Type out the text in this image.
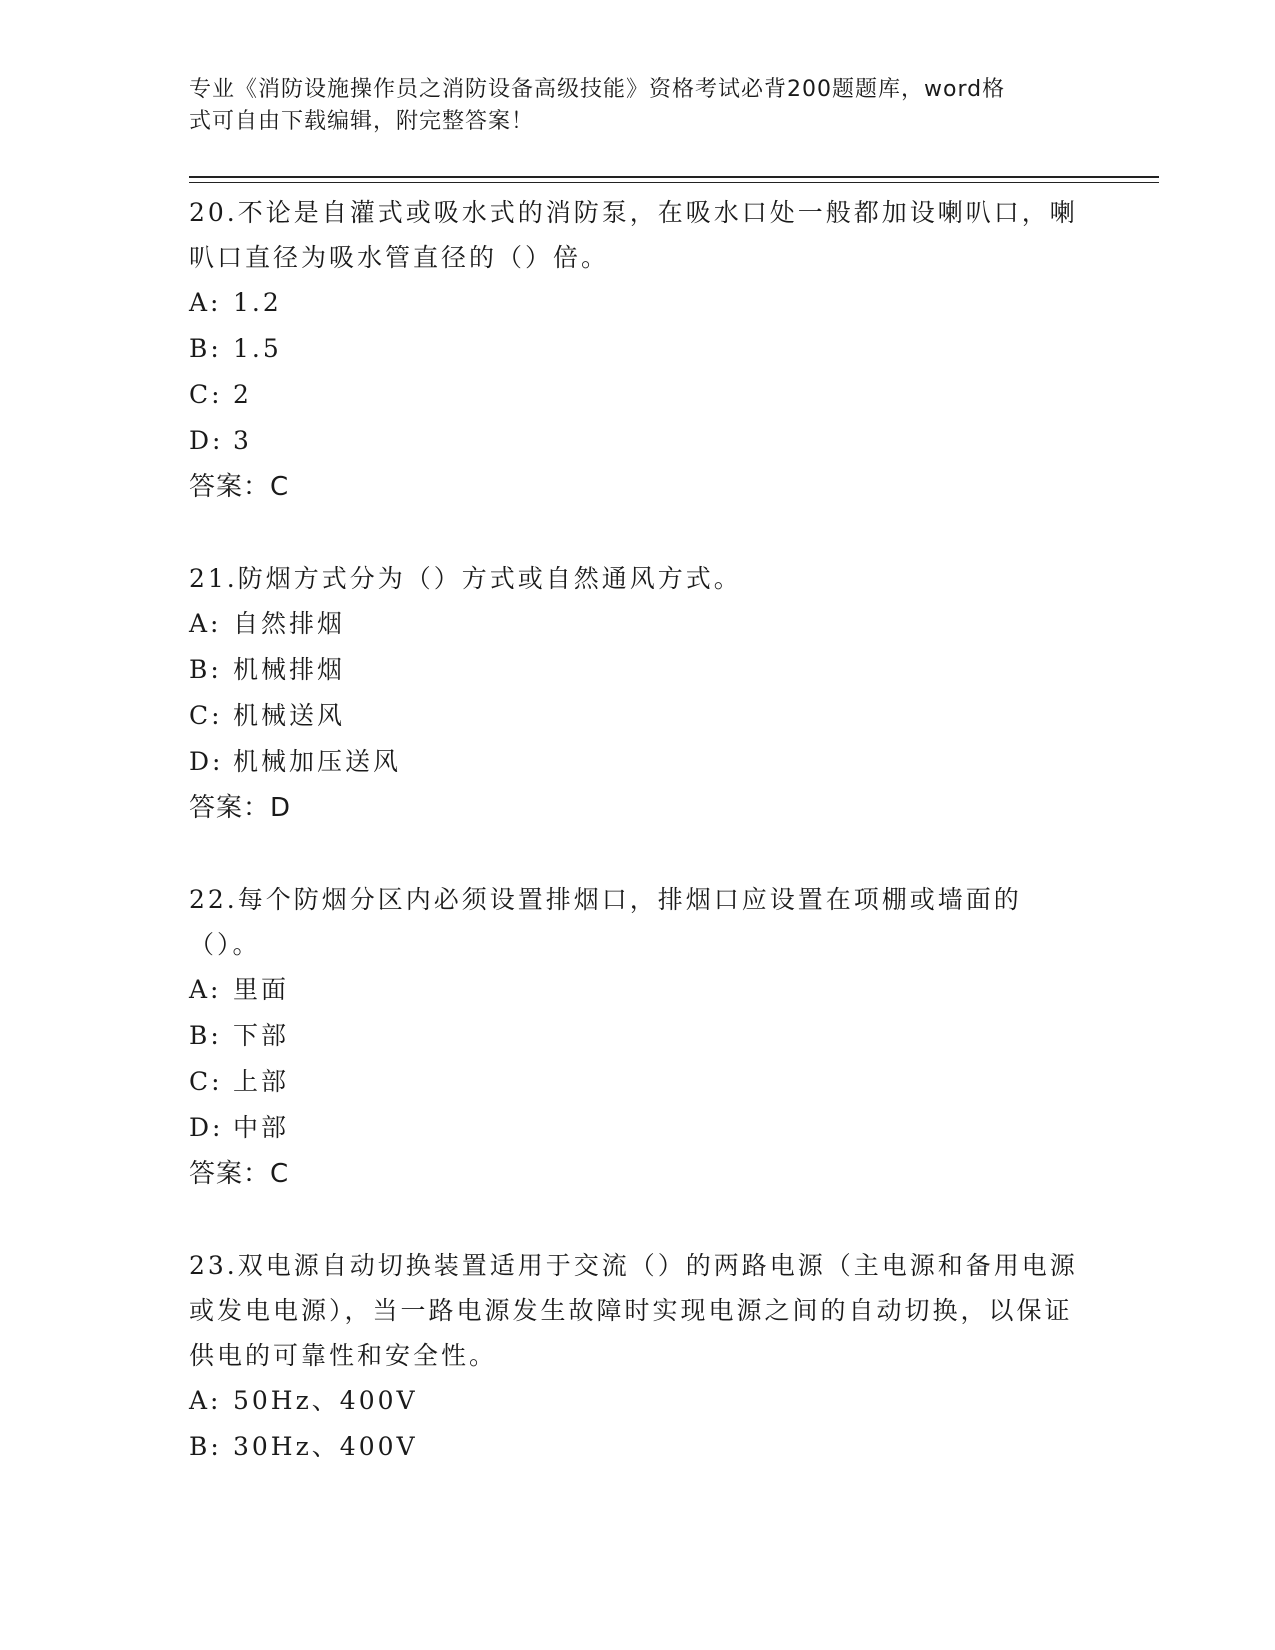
专业《消防设施操作员之消防设备高级技能》资格考试必背200题题库，word格
式可自由下载编辑，附完整答案！

20.不论是自灌式或吸水式的消防泵，在吸水口处一般都加设喇叭口，喇叭口直径为吸水管直径的（）倍。

A: 1.2

B: 1.5

C: 2

D: 3

答案：C

21.防烟方式分为（）方式或自然通风方式。

A: 自然排烟

B: 机械排烟

C: 机械送风

D: 机械加压送风

答案：D

22.每个防烟分区内必须设置排烟口，排烟口应设置在项棚或墙面的（）。

A: 里面

B: 下部

C: 上部

D: 中部

答案：C

23.双电源自动切换装置适用于交流（）的两路电源（主电源和备用电源或发电电源），当一路电源发生故障时实现电源之间的自动切换，以保证供电的可靠性和安全性。

A: 50Hz、400V

B: 30Hz、400V
